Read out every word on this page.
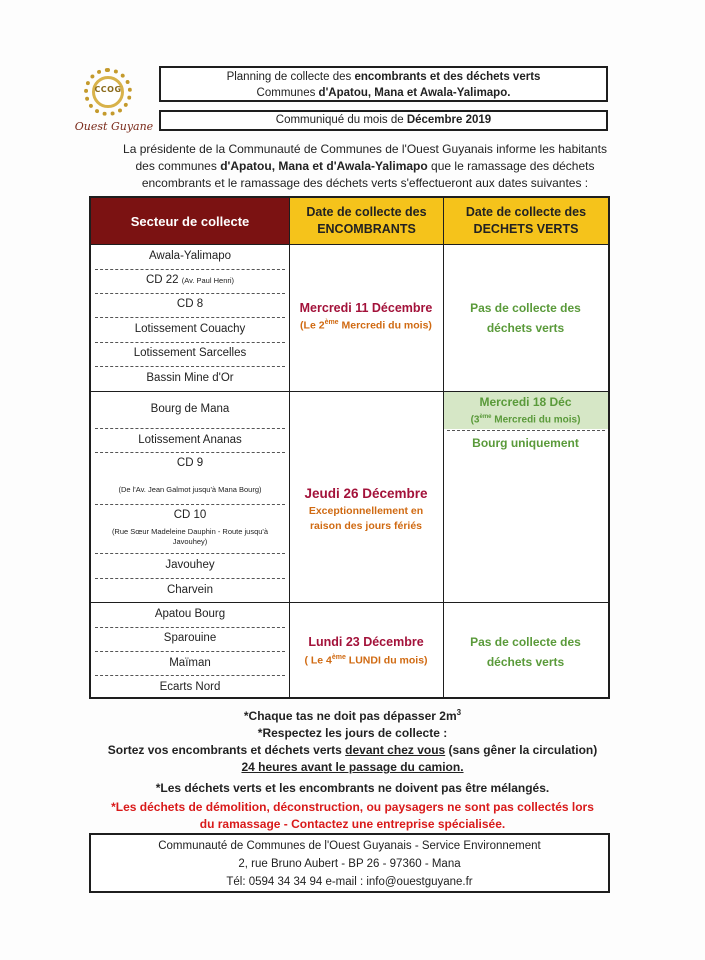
CCOG
Ouest Guyane
Planning de collecte des encombrants et des déchets verts
Communes d'Apatou, Mana et Awala-Yalimapo.
Communiqué du mois de Décembre 2019
La présidente de la Communauté de Communes de l'Ouest Guyanais informe les habitants
des communes d'Apatou, Mana et d'Awala-Yalimapo que le ramassage des déchets
encombrants et le ramassage des déchets verts s'effectueront aux dates suivantes :
Secteur de collecte
Date de collecte des
ENCOMBRANTS
Date de collecte des
DECHETS VERTS
Awala-Yalimapo
CD 22 (Av. Paul Henri)
CD 8
Lotissement Couachy
Lotissement Sarcelles
Bassin Mine d'Or
Mercredi 11 Décembre
(Le 2ème Mercredi du mois)
Pas de collecte des
déchets verts
Bourg de Mana
Lotissement Ananas
CD 9
(De l'Av. Jean Galmot jusqu'à Mana Bourg)
CD 10
(Rue Sœur Madeleine Dauphin - Route jusqu'à
Javouhey)
Javouhey
Charvein
Jeudi 26 Décembre
Exceptionnellement en
raison des jours fériés
Mercredi 18 Déc
(3ème Mercredi du mois)
Bourg uniquement
Apatou Bourg
Sparouine
Maïman
Ecarts Nord
Lundi 23 Décembre
( Le 4ème LUNDI du mois)
Pas de collecte des
déchets verts
*Chaque tas ne doit pas dépasser $2m^3$
*Respectez les jours de collecte :
Sortez vos encombrants et déchets verts devant chez vous (sans gêner la circulation)
24 heures avant le passage du camion.
*Les déchets verts et les encombrants ne doivent pas être mélangés.
*Les déchets de démolition, déconstruction, ou paysagers ne sont pas collectés lors
du ramassage - Contactez une entreprise spécialisée.
Communauté de Communes de l'Ouest Guyanais - Service Environnement
2, rue Bruno Aubert - BP 26 - 97360 - Mana
Tél: 0594 34 34 94 e-mail : info@ouestguyane.fr
